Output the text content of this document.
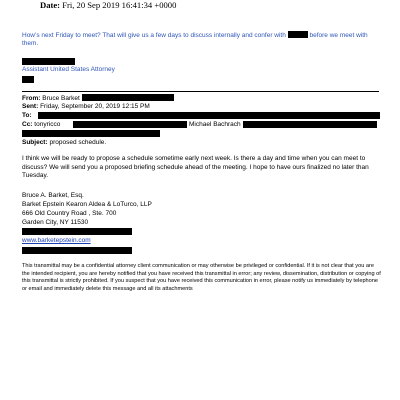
Date: Fri, 20 Sep 2019 16:41:34 +0000
How’s next Friday to meet? That will give us a few days to discuss internally and confer with	before we meet with
them.
Assistant United States Attorney
From: Bruce Barket
Sent: Friday, September 20, 2019 12:15 PM
To:
Cc: tonyricco	Michael Bachrach
Subject: proposed schedule.
I think we will be ready to propose a schedule sometime early next week. Is there a day and time when you can meet to discuss? We will send you a proposed briefing schedule ahead of the meeting. I hope to have ours finalized no later than Tuesday.
Bruce A. Barket, Esq.
Barket Epstein Kearon Aldea & LoTurco, LLP
666 Old Country Road , Ste. 700
Garden City, NY 11530
www.barketepstein.com
This transmittal may be a confidential attorney client communication or may otherwise be privileged or confidential. If it is not clear that you are the intended recipient, you are hereby notified that you have received this transmittal in error; any review, dissemination, distribution or copying of this transmittal is strictly prohibited. If you suspect that you have received this communication in error, please notify us immediately by telephone or email and immediately delete this message and all its attachments
